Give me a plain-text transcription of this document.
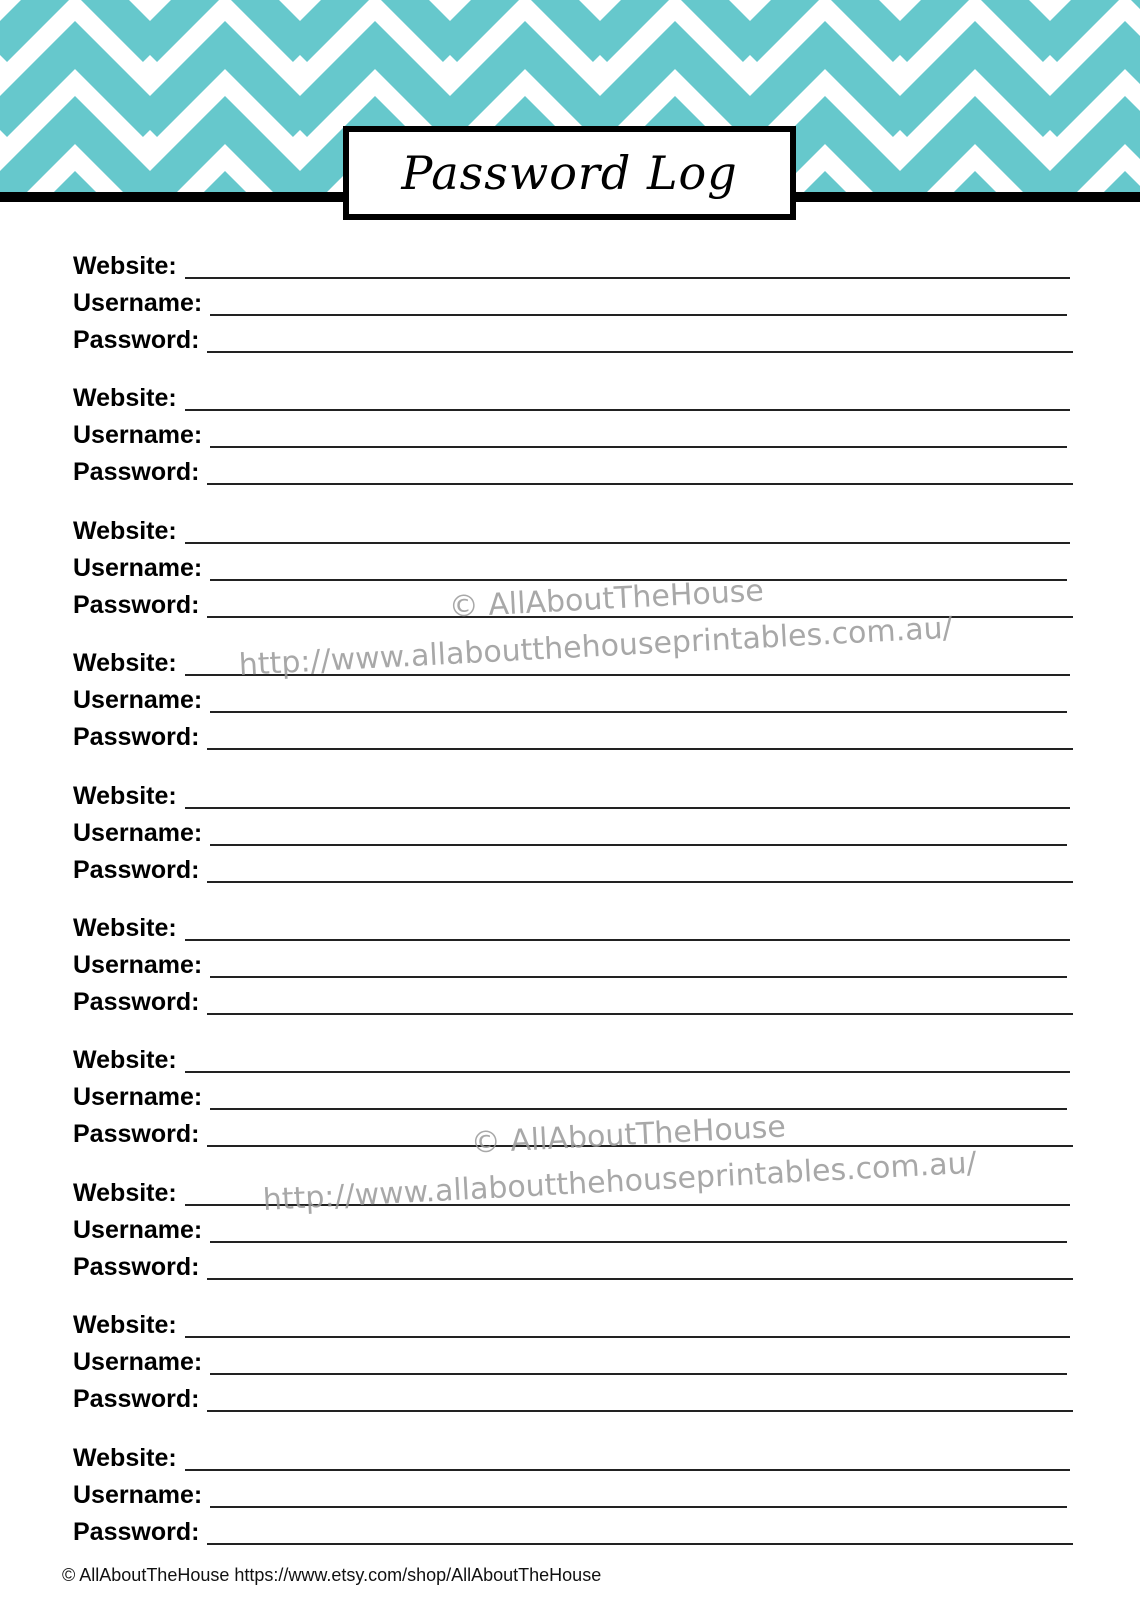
Password Log
Website:
Username:
Password:
Website:
Username:
Password:
Website:
Username:
Password:
Website:
Username:
Password:
Website:
Username:
Password:
Website:
Username:
Password:
Website:
Username:
Password:
Website:
Username:
Password:
Website:
Username:
Password:
Website:
Username:
Password:
© AllAboutTheHouse
http://www.allaboutthehouseprintables.com.au/
© AllAboutTheHouse
http://www.allaboutthehouseprintables.com.au/
© AllAboutTheHouse https://www.etsy.com/shop/AllAboutTheHouse
